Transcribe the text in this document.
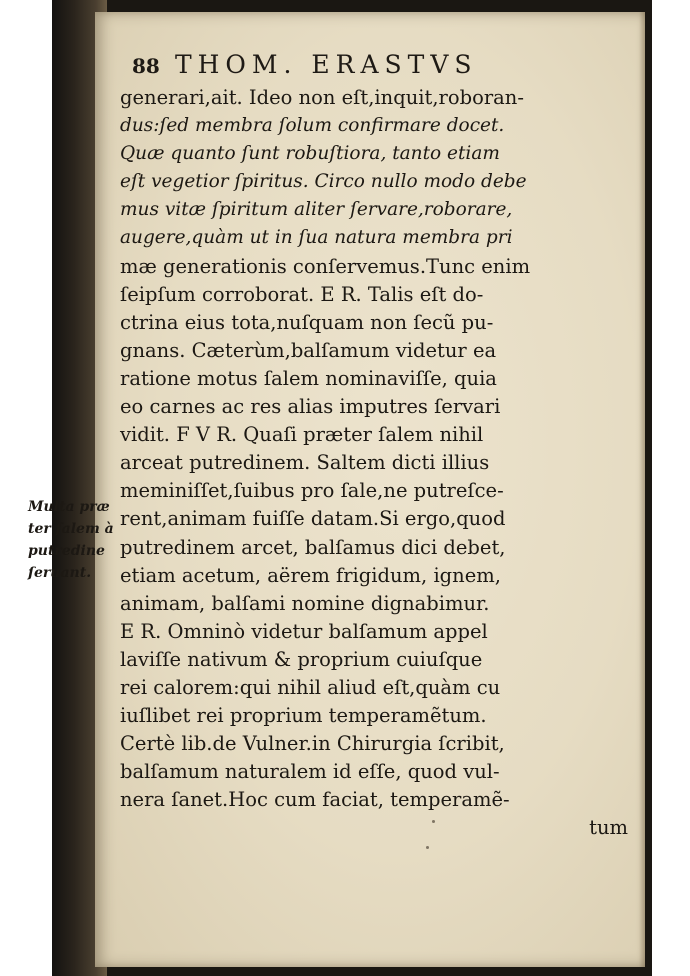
88 THOM. ERASTVS
Multa præ
ter ſalem à
putredine
ſeruant.
generari,ait. Ideo non eſt,inquit,roboran-
dus:ſed membra ſolum confirmare docet.
Quæ quanto ſunt robuſtiora, tanto etiam
eſt vegetior ſpiritus. Circo nullo modo debe
mus vitæ ſpiritum aliter ſervare,roborare,
augere,quàm ut in ſua natura membra pri
mæ generationis conſervemus.Tunc enim
ſeipſum corroborat. E R. Talis eſt do-
ctrina eius tota,nuſquam non ſecũ pu-
gnans. Cæterùm,balſamum videtur ea
ratione motus ſalem nominaviſſe, quia
eo carnes ac res alias imputres ſervari
vidit. F V R. Quaſi præter ſalem nihil
arceat putredinem. Saltem dicti illius
meminiſſet,ſuibus pro ſale,ne putreſce-
rent,animam fuiſſe datam.Si ergo,quod
putredinem arcet, balſamus dici debet,
etiam acetum, aërem frigidum, ignem,
animam, balſami nomine dignabimur.
E R. Omninò videtur balſamum appel
laviſſe nativum & proprium cuiuſque
rei calorem:qui nihil aliud eſt,quàm cu
iuſlibet rei proprium temperamẽtum.
Certè lib.de Vulner.in Chirurgia ſcribit,
balſamum naturalem id eſſe, quod vul-
nera ſanet.Hoc cum faciat, temperamẽ-
tum
